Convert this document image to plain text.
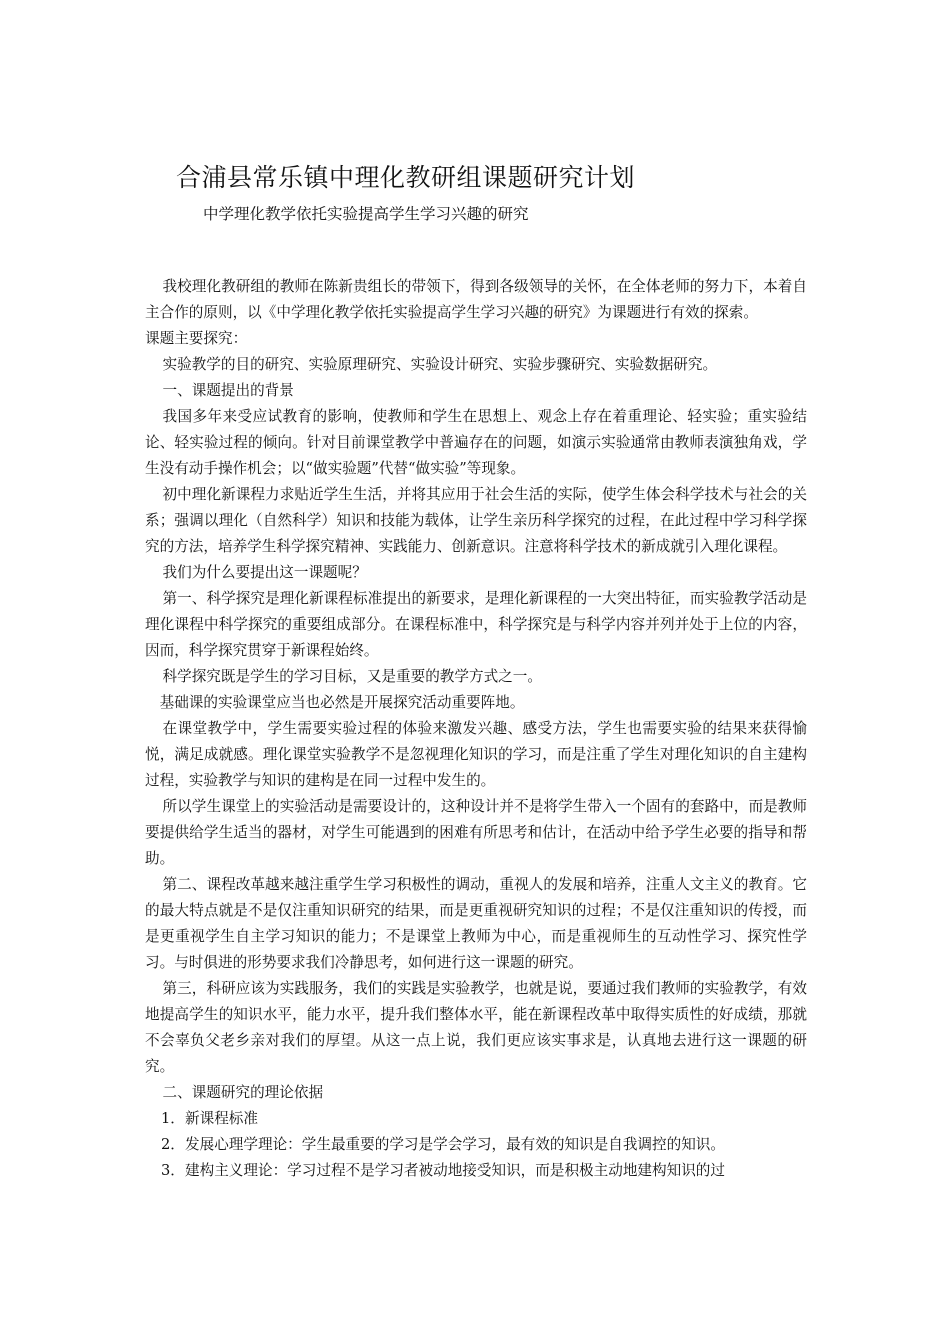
合浦县常乐镇中理化教研组课题研究计划
中学理化教学依托实验提高学生学习兴趣的研究

我校理化教研组的教师在陈新贵组长的带领下，得到各级领导的关怀，在全体老师的努力下，本着自主合作的原则，以《中学理化教学依托实验提高学生学习兴趣的研究》为课题进行有效的探索。

课题主要探究：

实验教学的目的研究、实验原理研究、实验设计研究、实验步骤研究、实验数据研究。

一、课题提出的背景

我国多年来受应试教育的影响，使教师和学生在思想上、观念上存在着重理论、轻实验；重实验结论、轻实验过程的倾向。针对目前课堂教学中普遍存在的问题，如演示实验通常由教师表演独角戏，学生没有动手操作机会；以“做实验题”代替“做实验”等现象。

初中理化新课程力求贴近学生生活，并将其应用于社会生活的实际，使学生体会科学技术与社会的关系；强调以理化（自然科学）知识和技能为载体，让学生亲历科学探究的过程，在此过程中学习科学探究的方法，培养学生科学探究精神、实践能力、创新意识。注意将科学技术的新成就引入理化课程。

我们为什么要提出这一课题呢？

第一、科学探究是理化新课程标准提出的新要求，是理化新课程的一大突出特征，而实验教学活动是理化课程中科学探究的重要组成部分。在课程标准中，科学探究是与科学内容并列并处于上位的内容，因而，科学探究贯穿于新课程始终。

科学探究既是学生的学习目标，又是重要的教学方式之一。

基础课的实验课堂应当也必然是开展探究活动重要阵地。

在课堂教学中，学生需要实验过程的体验来激发兴趣、感受方法，学生也需要实验的结果来获得愉悦，满足成就感。理化课堂实验教学不是忽视理化知识的学习，而是注重了学生对理化知识的自主建构过程，实验教学与知识的建构是在同一过程中发生的。

所以学生课堂上的实验活动是需要设计的，这种设计并不是将学生带入一个固有的套路中，而是教师要提供给学生适当的器材，对学生可能遇到的困难有所思考和估计，在活动中给予学生必要的指导和帮助。

第二、课程改革越来越注重学生学习积极性的调动，重视人的发展和培养，注重人文主义的教育。它的最大特点就是不是仅注重知识研究的结果，而是更重视研究知识的过程；不是仅注重知识的传授，而是更重视学生自主学习知识的能力；不是课堂上教师为中心，而是重视师生的互动性学习、探究性学习。与时俱进的形势要求我们冷静思考，如何进行这一课题的研究。

第三，科研应该为实践服务，我们的实践是实验教学，也就是说，要通过我们教师的实验教学，有效地提高学生的知识水平，能力水平，提升我们整体水平，能在新课程改革中取得实质性的好成绩，那就不会辜负父老乡亲对我们的厚望。从这一点上说，我们更应该实事求是，认真地去进行这一课题的研究。

二、课题研究的理论依据

1．新课程标准

2．发展心理学理论：学生最重要的学习是学会学习，最有效的知识是自我调控的知识。

3．建构主义理论：学习过程不是学习者被动地接受知识，而是积极主动地建构知识的过
